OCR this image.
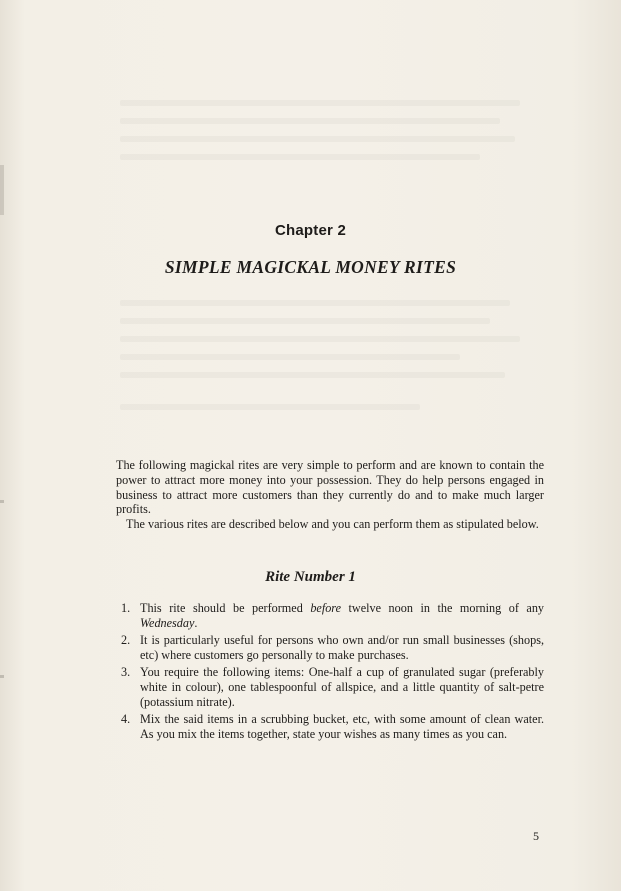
Chapter 2
SIMPLE MAGICKAL MONEY RITES

The following magickal rites are very simple to perform and are known to contain the power to attract more money into your possession. They do help persons engaged in business to attract more customers than they currently do and to make much larger profits.

The various rites are described below and you can perform them as stipulated below.

Rite Number 1
1. This rite should be performed before twelve noon in the morning of any Wednesday.
2. It is particularly useful for persons who own and/or run small businesses (shops, etc) where customers go personally to make purchases.
3. You require the following items: One-half a cup of granulated sugar (preferably white in colour), one tablespoonful of allspice, and a little quantity of salt-petre (potassium nitrate).
4. Mix the said items in a scrubbing bucket, etc, with some amount of clean water. As you mix the items together, state your wishes as many times as you can.
5
